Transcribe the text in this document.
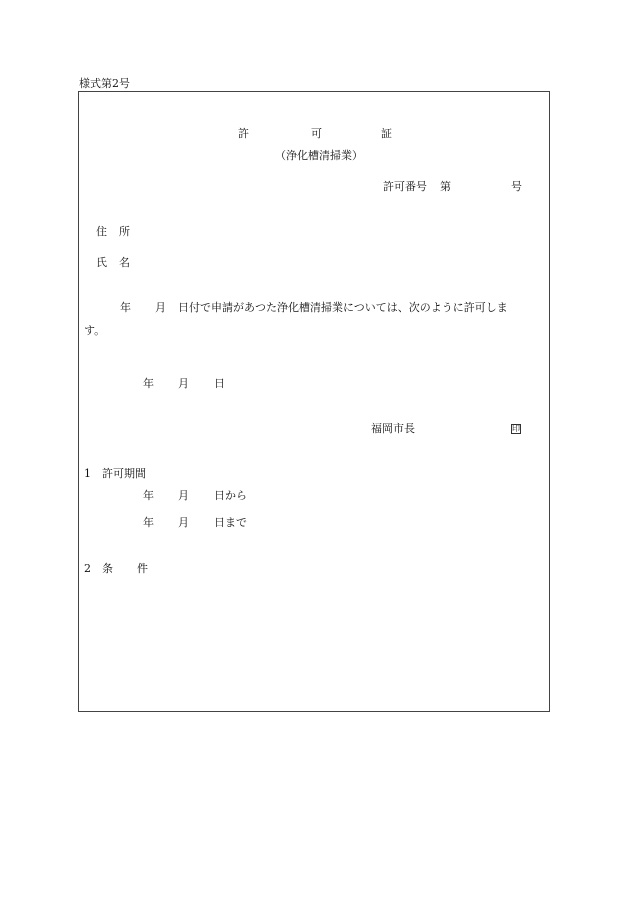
様式第2号
許	可	証
（浄化槽清掃業）
許可番号 第	号
住 所
氏 名
年 月 日付で申請があつた浄化槽清掃業については、次のように許可しま
す。
年 月 日
福岡市長	印
1　許可期間
年 月 日から
年 月 日まで
2 条 件
